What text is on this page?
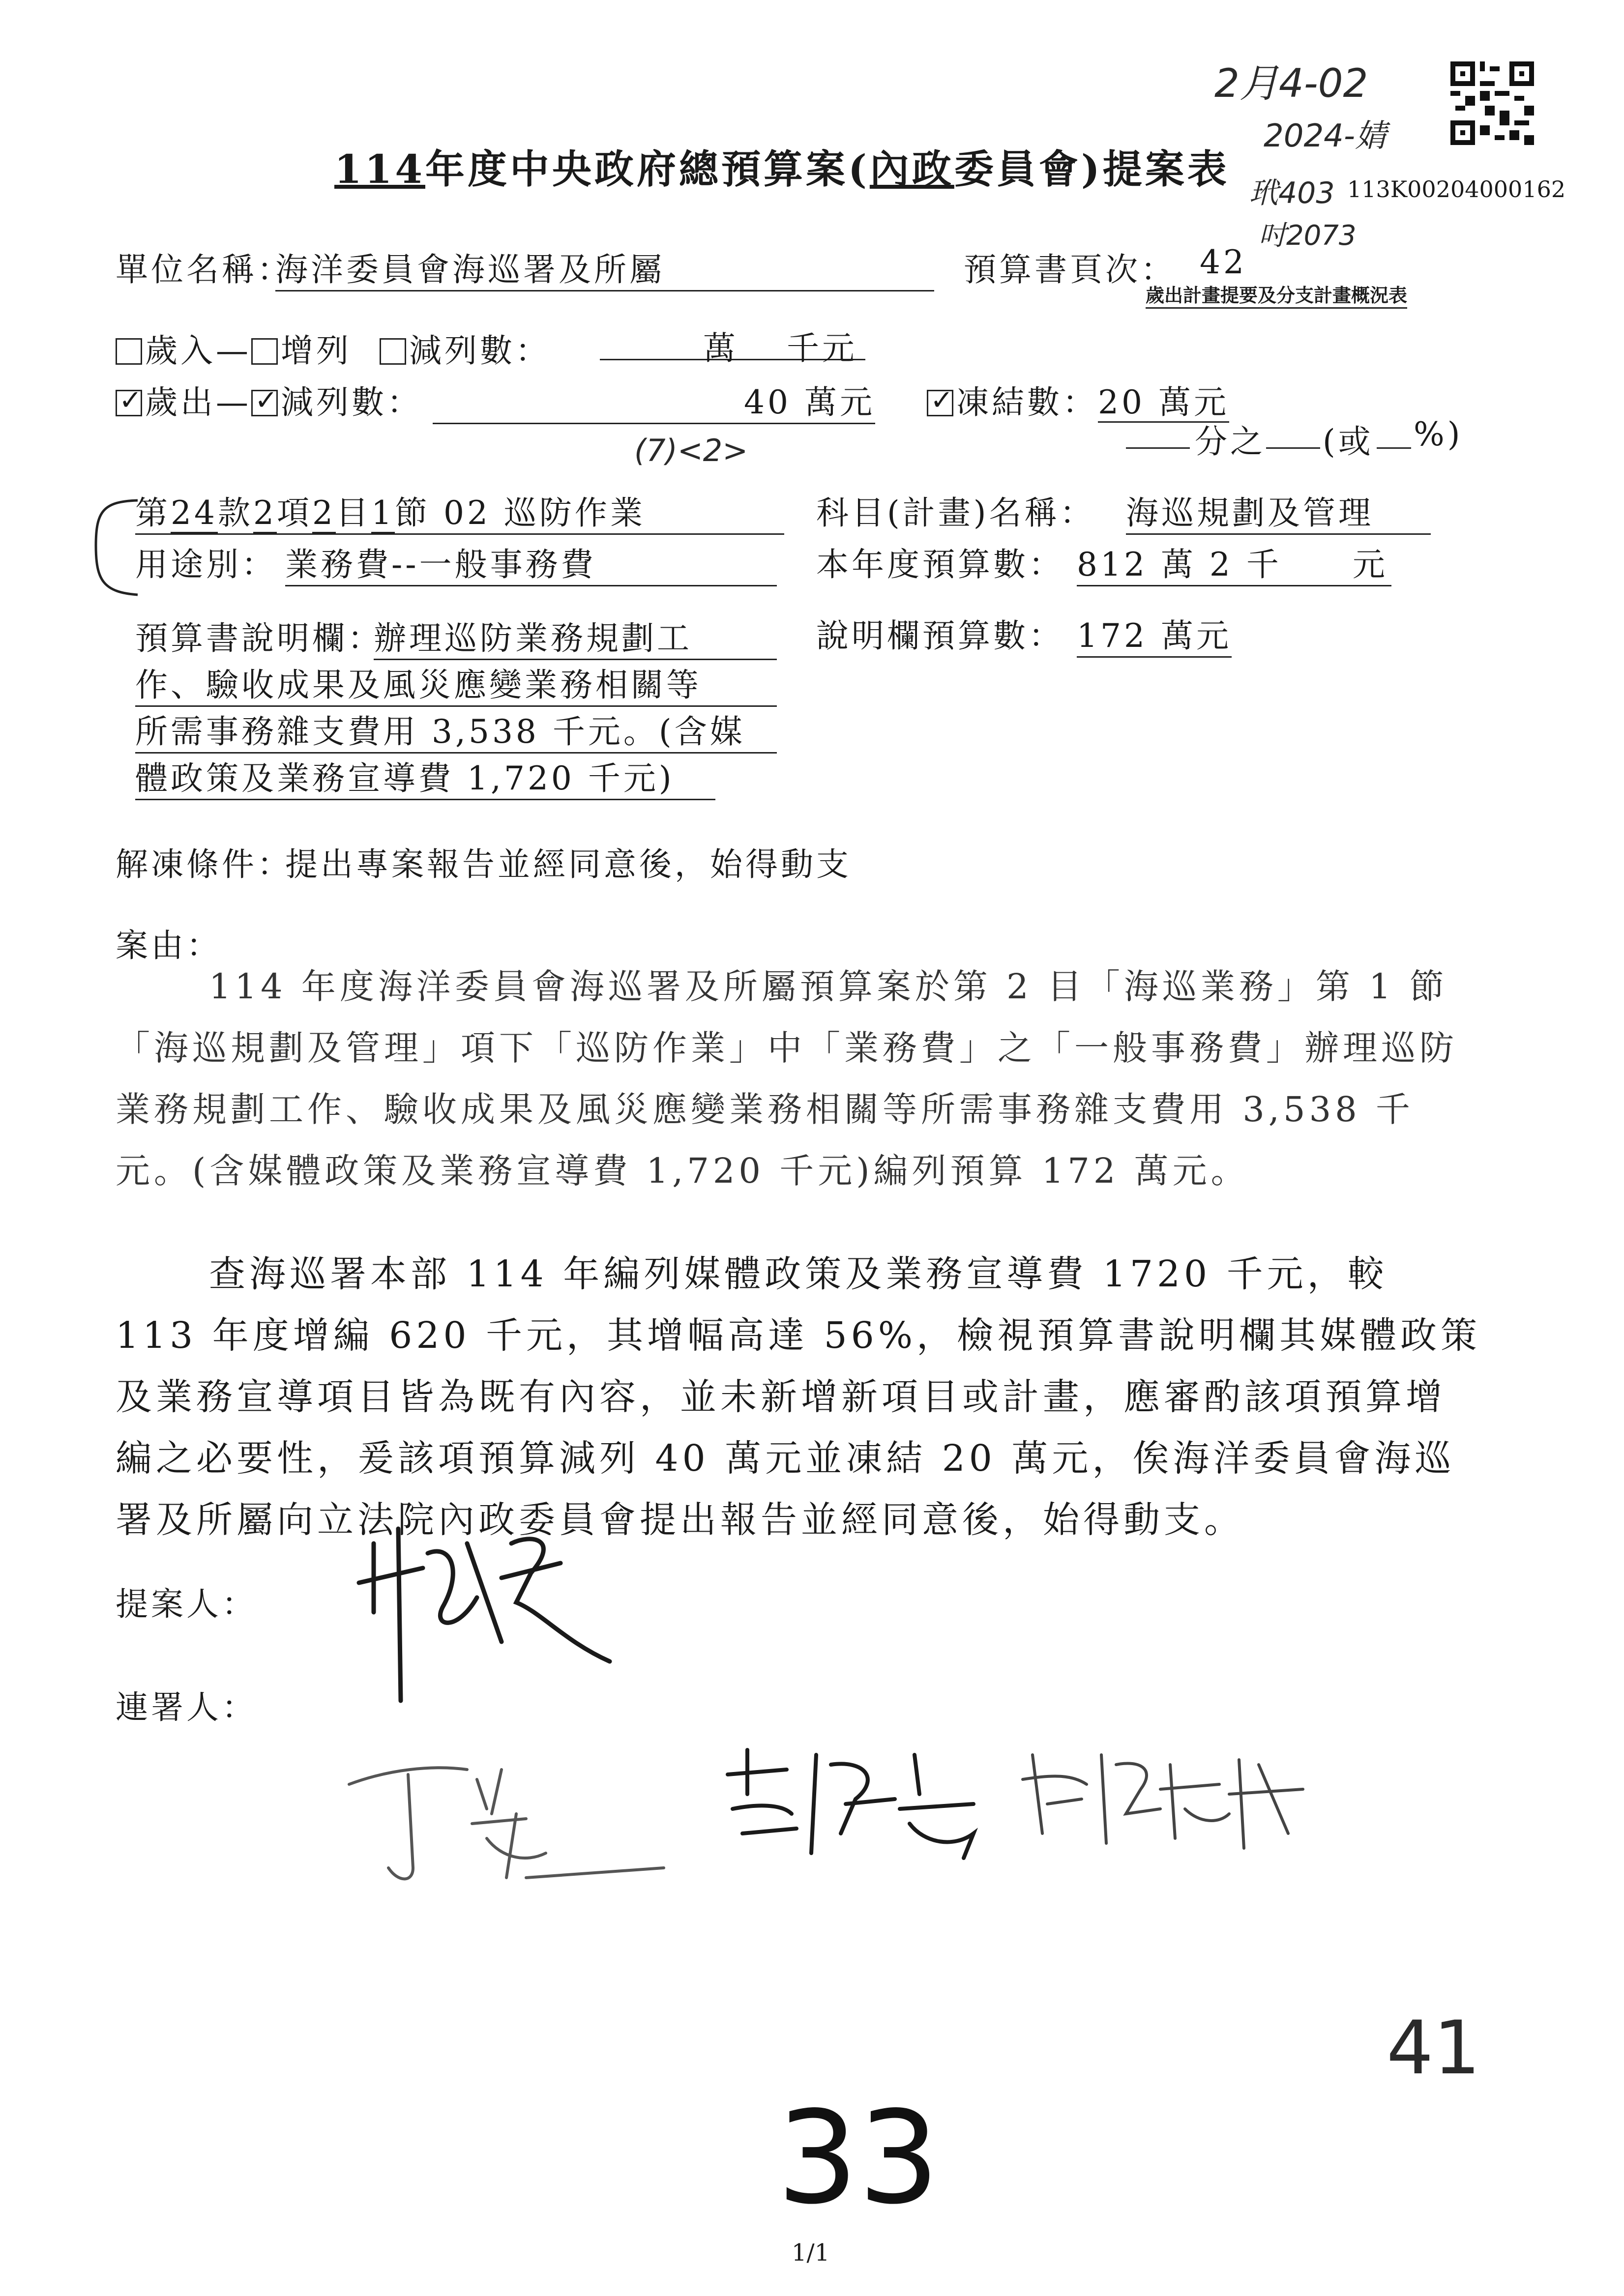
2月4-02
2024-婧
玳403
吋2073
113K00204000162
114年度中央政府總預算案(內政委員會)提案表
單位名稱：
海洋委員會海巡署及所屬	預算書頁次： 42
歲出計畫提要及分支計畫概況表
歲入— 增列 減列數：	萬 千元
✓歲出— ✓ 減列數：	40 萬元 ✓	凍結數：20 萬元
分之 (或 %)
(7)<2>
第24款2項2目1節 02 巡防作業
用途別： 業務費--一般事務費
科目(計畫)名稱： 海巡規劃及管理
本年度預算數： 812 萬 2 千　　元
預算書說明欄：
辦理巡防業務規劃工
作、驗收成果及風災應變業務相關等
所需事務雜支費用 3,538 千元。(含媒
體政策及業務宣導費 1,720 千元)
說明欄預算數： 172 萬元
解凍條件：
提出專案報告並經同意後，始得動支
案由：
114 年度海洋委員會海巡署及所屬預算案於第 2 目「海巡業務」第 1 節「海巡規劃及管理」項下「巡防作業」中「業務費」之「一般事務費」辦理巡防業務規劃工作、驗收成果及風災應變業務相關等所需事務雜支費用 3,538 千元。(含媒體政策及業務宣導費 1,720 千元)編列預算 172 萬元。
查海巡署本部 114 年編列媒體政策及業務宣導費 1720 千元，較 113 年度增編 620 千元，其增幅高達 56%，檢視預算書說明欄其媒體政策及業務宣導項目皆為既有內容，並未新增新項目或計畫，應審酌該項預算增編之必要性，爰該項預算減列 40 萬元並凍結 20 萬元，俟海洋委員會海巡署及所屬向立法院內政委員會提出報告並經同意後，始得動支。
提案人：
連署人：
41
33
1/1
